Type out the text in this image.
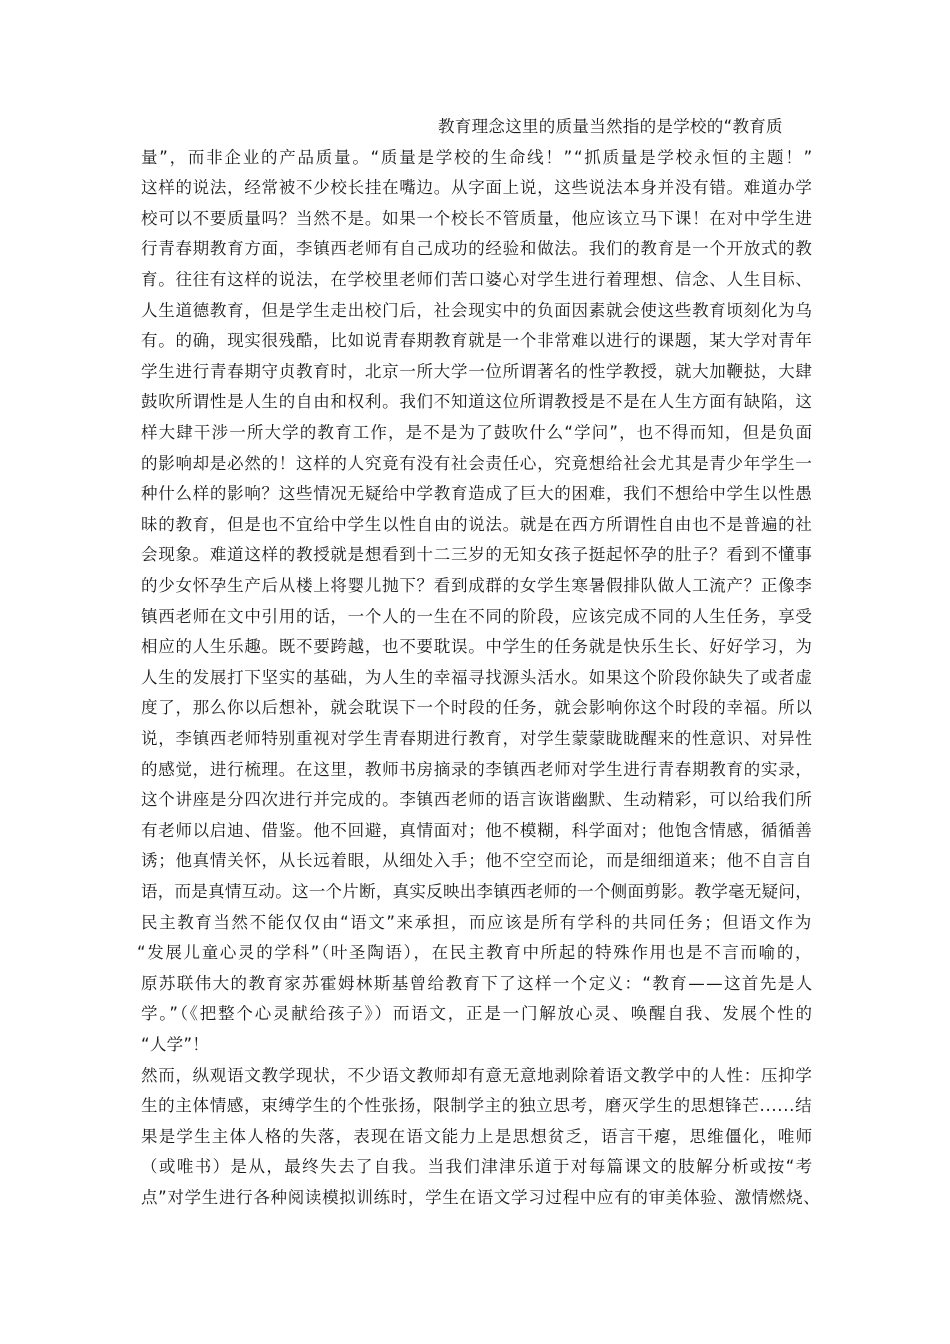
教育理念这里的质量当然指的是学校的“教育质
量”，而非企业的产品质量。“质量是学校的生命线！”“抓质量是学校永恒的主题！”
这样的说法，经常被不少校长挂在嘴边。从字面上说，这些说法本身并没有错。难道办学
校可以不要质量吗？当然不是。如果一个校长不管质量，他应该立马下课！在对中学生进
行青春期教育方面，李镇西老师有自己成功的经验和做法。我们的教育是一个开放式的教
育。往往有这样的说法，在学校里老师们苦口婆心对学生进行着理想、信念、人生目标、
人生道德教育，但是学生走出校门后，社会现实中的负面因素就会使这些教育顷刻化为乌
有。的确，现实很残酷，比如说青春期教育就是一个非常难以进行的课题，某大学对青年
学生进行青春期守贞教育时，北京一所大学一位所谓著名的性学教授，就大加鞭挞，大肆
鼓吹所谓性是人生的自由和权利。我们不知道这位所谓教授是不是在人生方面有缺陷，这
样大肆干涉一所大学的教育工作，是不是为了鼓吹什么“学问”，也不得而知，但是负面
的影响却是必然的！这样的人究竟有没有社会责任心，究竟想给社会尤其是青少年学生一
种什么样的影响？这些情况无疑给中学教育造成了巨大的困难，我们不想给中学生以性愚
昧的教育，但是也不宜给中学生以性自由的说法。就是在西方所谓性自由也不是普遍的社
会现象。难道这样的教授就是想看到十二三岁的无知女孩子挺起怀孕的肚子？看到不懂事
的少女怀孕生产后从楼上将婴儿抛下？看到成群的女学生寒暑假排队做人工流产？正像李
镇西老师在文中引用的话，一个人的一生在不同的阶段，应该完成不同的人生任务，享受
相应的人生乐趣。既不要跨越，也不要耽误。中学生的任务就是快乐生长、好好学习，为
人生的发展打下坚实的基础，为人生的幸福寻找源头活水。如果这个阶段你缺失了或者虚
度了，那么你以后想补，就会耽误下一个时段的任务，就会影响你这个时段的幸福。所以
说，李镇西老师特别重视对学生青春期进行教育，对学生蒙蒙眬眬醒来的性意识、对异性
的感觉，进行梳理。在这里，教师书房摘录的李镇西老师对学生进行青春期教育的实录，
这个讲座是分四次进行并完成的。李镇西老师的语言诙谐幽默、生动精彩，可以给我们所
有老师以启迪、借鉴。他不回避，真情面对；他不模糊，科学面对；他饱含情感，循循善
诱；他真情关怀，从长远着眼，从细处入手；他不空空而论，而是细细道来；他不自言自
语，而是真情互动。这一个片断，真实反映出李镇西老师的一个侧面剪影。教学毫无疑问，
民主教育当然不能仅仅由“语文”来承担，而应该是所有学科的共同任务；但语文作为
“发展儿童心灵的学科”（叶圣陶语），在民主教育中所起的特殊作用也是不言而喻的，
原苏联伟大的教育家苏霍姆林斯基曾给教育下了这样一个定义：“教育——这首先是人
学。”（《把整个心灵献给孩子》）而语文，正是一门解放心灵、唤醒自我、发展个性的
“人学”！
然而，纵观语文教学现状，不少语文教师却有意无意地剥除着语文教学中的人性：压抑学
生的主体情感，束缚学生的个性张扬，限制学主的独立思考，磨灭学生的思想锋芒......结
果是学生主体人格的失落，表现在语文能力上是思想贫乏，语言干瘪，思维僵化，唯师
（或唯书）是从，最终失去了自我。当我们津津乐道于对每篇课文的肢解分析或按“考
点”对学生进行各种阅读模拟训练时，学生在语文学习过程中应有的审美体验、激情燃烧、
